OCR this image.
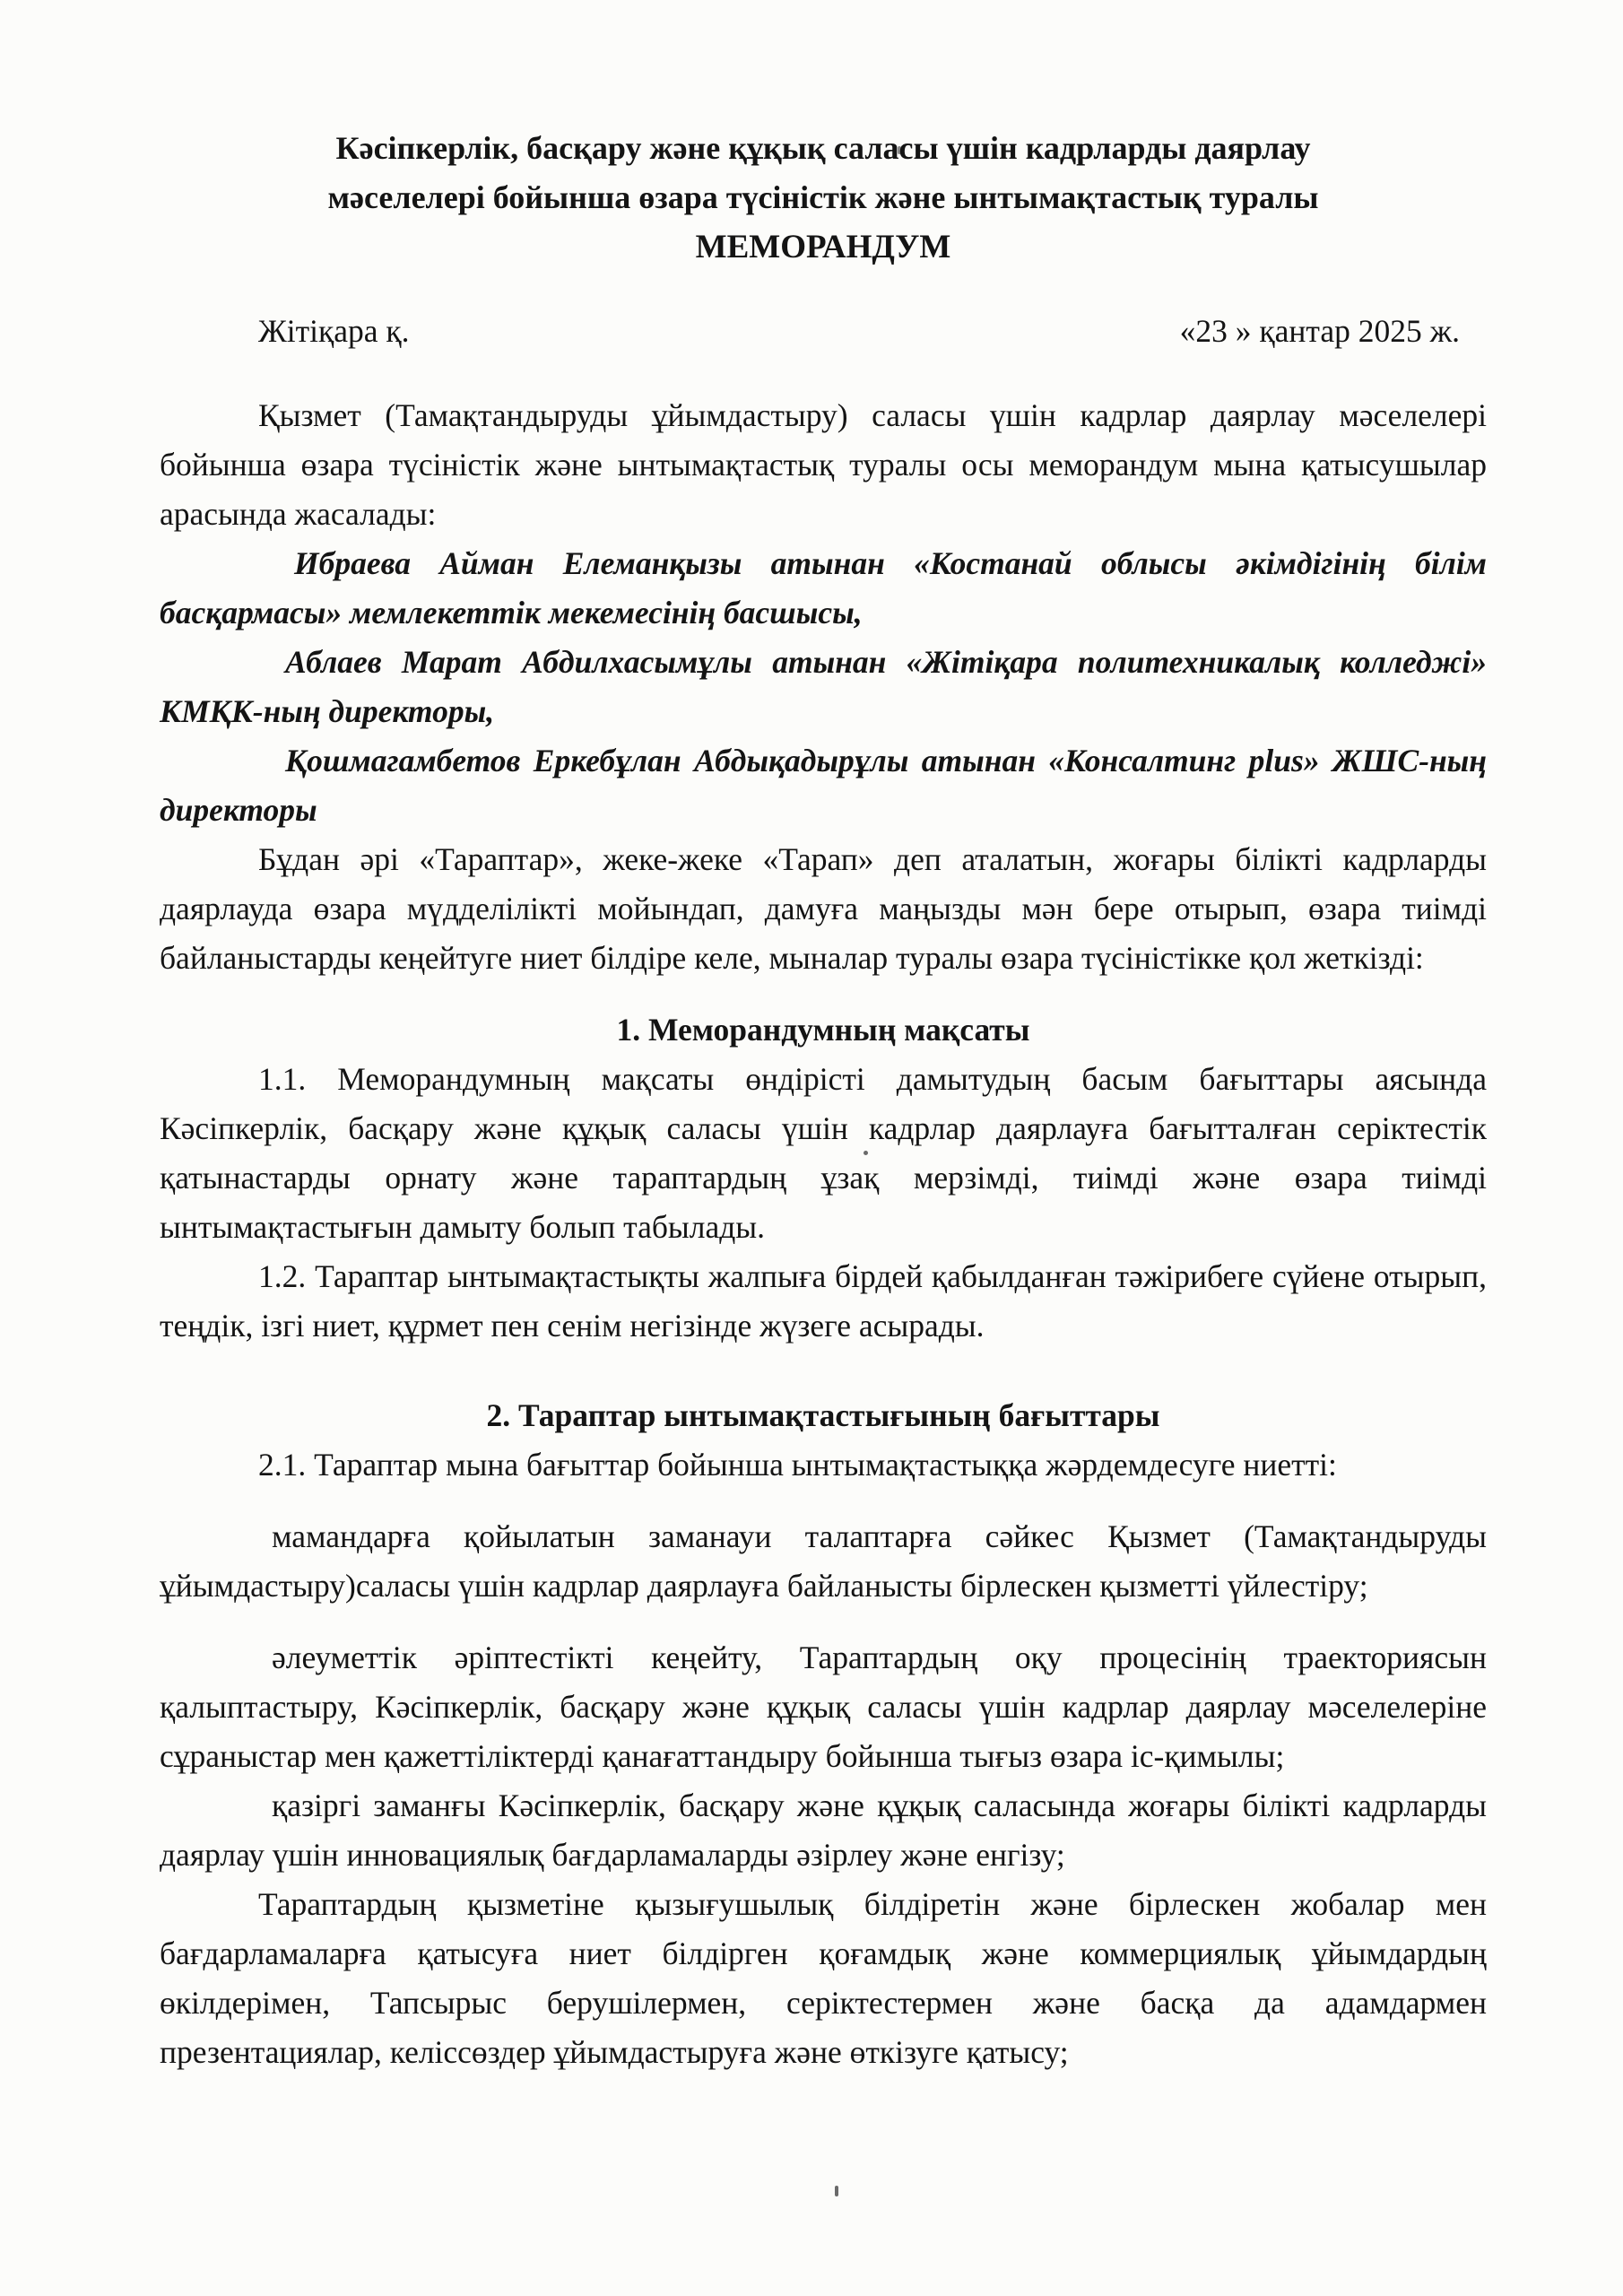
Кәсіпкерлік, басқару және құқық саласы үшін кадрларды даярлау

мәселелері бойынша өзара түсіністік және ынтымақтастық туралы

МЕМОРАНДУМ

Жітіқара қ.	«23 » қантар 2025 ж.

Қызмет (Тамақтандыруды ұйымдастыру) саласы үшін кадрлар даярлау мәселелері бойынша өзара түсіністік және ынтымақтастық туралы осы меморандум мына қатысушылар арасында жасалады:

Ибраева Айман Елеманқызы атынан «Костанай облысы әкімдігінің білім басқармасы» мемлекеттік мекемесінің басшысы,

Аблаев Марат Абдилхасымұлы атынан «Жітіқара политехникалық колледжі» КМҚК-ның директоры,

Қошмагамбетов Еркебұлан Абдықадырұлы атынан «Консалтинг plus» ЖШС-ның директоры

Бұдан әрі «Тараптар», жеке-жеке «Тарап» деп аталатын, жоғары білікті кадрларды даярлауда өзара мүдделілікті мойындап, дамуға маңызды мән бере отырып, өзара тиімді байланыстарды кеңейтуге ниет білдіре келе, мыналар туралы өзара түсіністікке қол жеткізді:

1. Меморандумның мақсаты

1.1. Меморандумның мақсаты өндірісті дамытудың басым бағыттары аясында Кәсіпкерлік, басқару және құқық саласы үшін кадрлар даярлауға бағытталған серіктестік қатынастарды орнату және тараптардың ұзақ мерзімді, тиімді және өзара тиімді ынтымақтастығын дамыту болып табылады.

1.2. Тараптар ынтымақтастықты жалпыға бірдей қабылданған тәжірибеге сүйене отырып, теңдік, ізгі ниет, құрмет пен сенім негізінде жүзеге асырады.

2. Тараптар ынтымақтастығының бағыттары

2.1. Тараптар мына бағыттар бойынша ынтымақтастыққа жәрдемдесуге ниетті:

мамандарға қойылатын заманауи талаптарға сәйкес Қызмет (Тамақтандыруды ұйымдастыру)саласы үшін кадрлар даярлауға байланысты бірлескен қызметті үйлестіру;

әлеуметтік әріптестікті кеңейту, Тараптардың оқу процесінің траекториясын қалыптастыру, Кәсіпкерлік, басқару және құқық саласы үшін кадрлар даярлау мәселелеріне сұраныстар мен қажеттіліктерді қанағаттандыру бойынша тығыз өзара іс-қимылы;

қазіргі заманғы Кәсіпкерлік, басқару және құқық саласында жоғары білікті кадрларды даярлау үшін инновациялық бағдарламаларды әзірлеу және енгізу;

Тараптардың қызметіне қызығушылық білдіретін және бірлескен жобалар мен бағдарламаларға қатысуға ниет білдірген қоғамдық және коммерциялық ұйымдардың өкілдерімен, Тапсырыс берушілермен, серіктестермен және басқа да адамдармен презентациялар, келіссөздер ұйымдастыруға және өткізуге қатысу;
